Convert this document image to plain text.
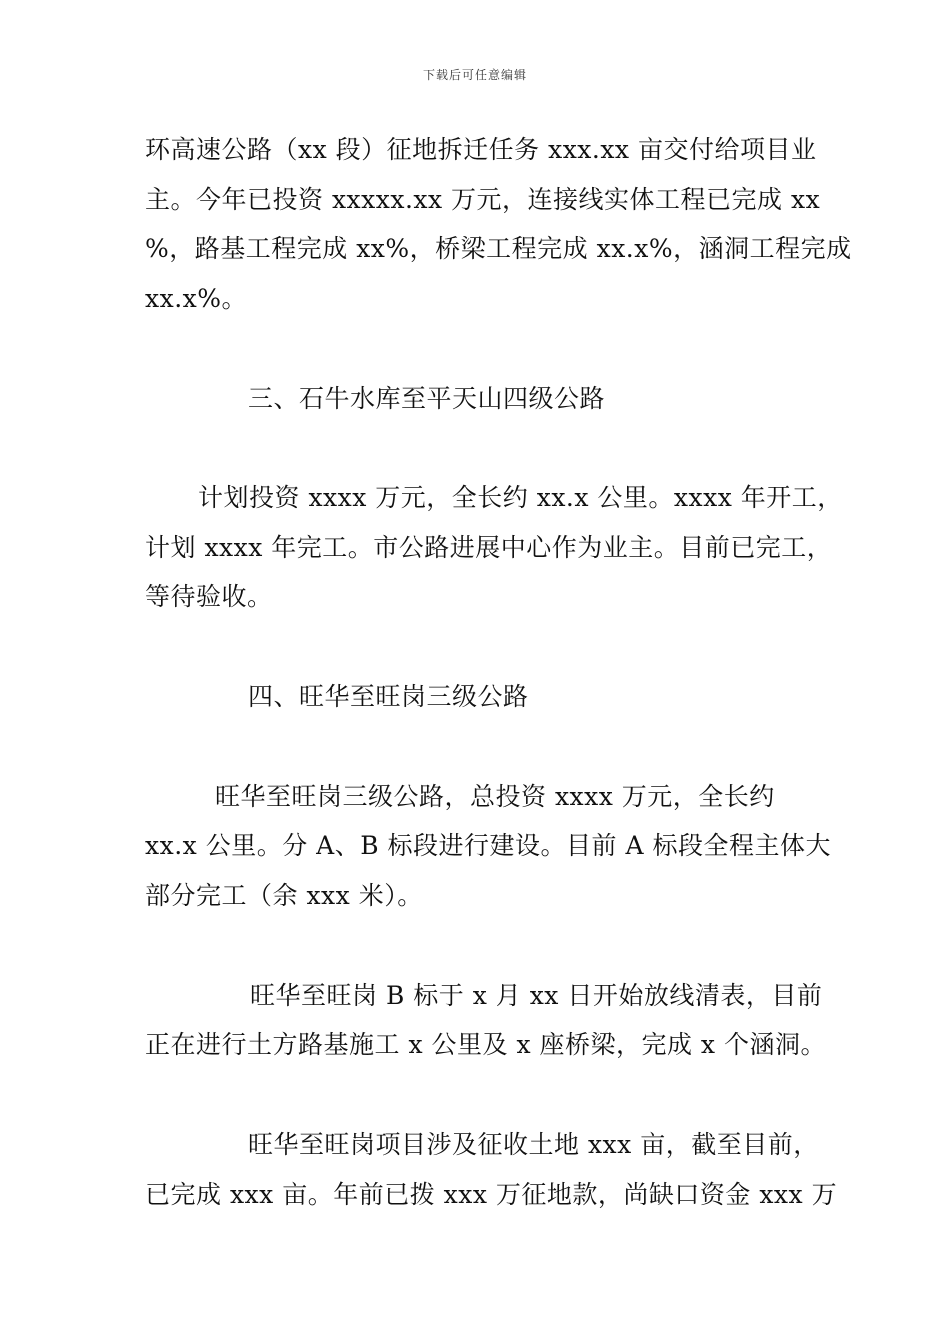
下载后可任意编辑
环高速公路（xx 段）征地拆迁任务 xxx.xx 亩交付给项目业
主。今年已投资 xxxxx.xx 万元，连接线实体工程已完成 xx
%，路基工程完成 xx%，桥梁工程完成 xx.x%，涵洞工程完成
xx.x%。
三、石牛水库至平天山四级公路
计划投资 xxxx 万元，全长约 xx.x 公里。xxxx 年开工，
计划 xxxx 年完工。市公路进展中心作为业主。目前已完工，
等待验收。
四、旺华至旺岗三级公路
旺华至旺岗三级公路，总投资 xxxx 万元，全长约
xx.x 公里。分 A、B 标段进行建设。目前 A 标段全程主体大
部分完工（余 xxx 米）。
旺华至旺岗 B 标于 x 月 xx 日开始放线清表，目前
正在进行土方路基施工 x 公里及 x 座桥梁，完成 x 个涵洞。
旺华至旺岗项目涉及征收土地 xxx 亩，截至目前，
已完成 xxx 亩。年前已拨 xxx 万征地款，尚缺口资金 xxx 万
